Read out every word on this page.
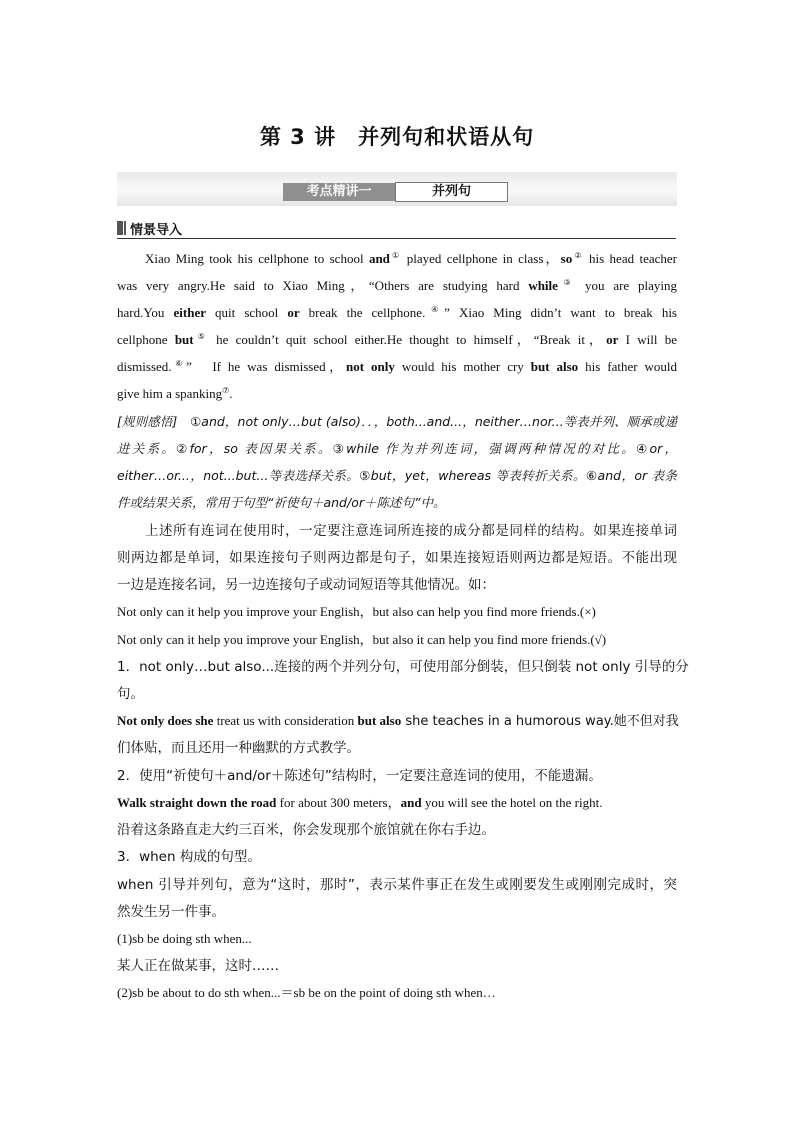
第 3 讲　并列句和状语从句
考点精讲一	并列句
情景导入
Xiao Ming took his cellphone to school and① played cellphone in class，so② his head teacher
was very angry.He said to Xiao Ming，“Others are studying hard while③ you are playing
hard.You either quit school or break the cellphone.④” Xiao Ming didn’t want to break his
cellphone but⑤ he couldn’t quit school either.He thought to himself，“Break it，or I will be
dismissed.⑥”　If he was dismissed，not only would his mother cry but also his father would
give him a spanking⑦.
[规则感悟]　①and，not only…but (also)．．，both...and...，neither…nor...等表并列、顺承或递
进关系。②for，so 表因果关系。③while 作为并列连词，强调两种情况的对比。④or，
either…or...，not...but...等表选择关系。⑤but，yet，whereas 等表转折关系。⑥and，or 表条
件或结果关系，常用于句型“祈使句＋and/or＋陈述句”中。
上述所有连词在使用时，一定要注意连词所连接的成分都是同样的结构。如果连接单词
则两边都是单词，如果连接句子则两边都是句子，如果连接短语则两边都是短语。不能出现
一边是连接名词，另一边连接句子或动词短语等其他情况。如：
Not only can it help you improve your English，but also can help you find more friends.(×)
Not only can it help you improve your English，but also it can help you find more friends.(√)
1．not only…but also...连接的两个并列分句，可使用部分倒装，但只倒装 not only 引导的分
句。
Not only does she treat us with consideration but also she teaches in a humorous way.她不但对我
们体贴，而且还用一种幽默的方式教学。
2．使用“祈使句＋and/or＋陈述句”结构时，一定要注意连词的使用，不能遗漏。
Walk straight down the road for about 300 meters，and you will see the hotel on the right.
沿着这条路直走大约三百米，你会发现那个旅馆就在你右手边。
3．when 构成的句型。
when 引导并列句，意为“这时，那时”，表示某件事正在发生或刚要发生或刚刚完成时，突
然发生另一件事。
(1)sb be doing sth when...
某人正在做某事，这时……
(2)sb be about to do sth when...＝sb be on the point of doing sth when…
